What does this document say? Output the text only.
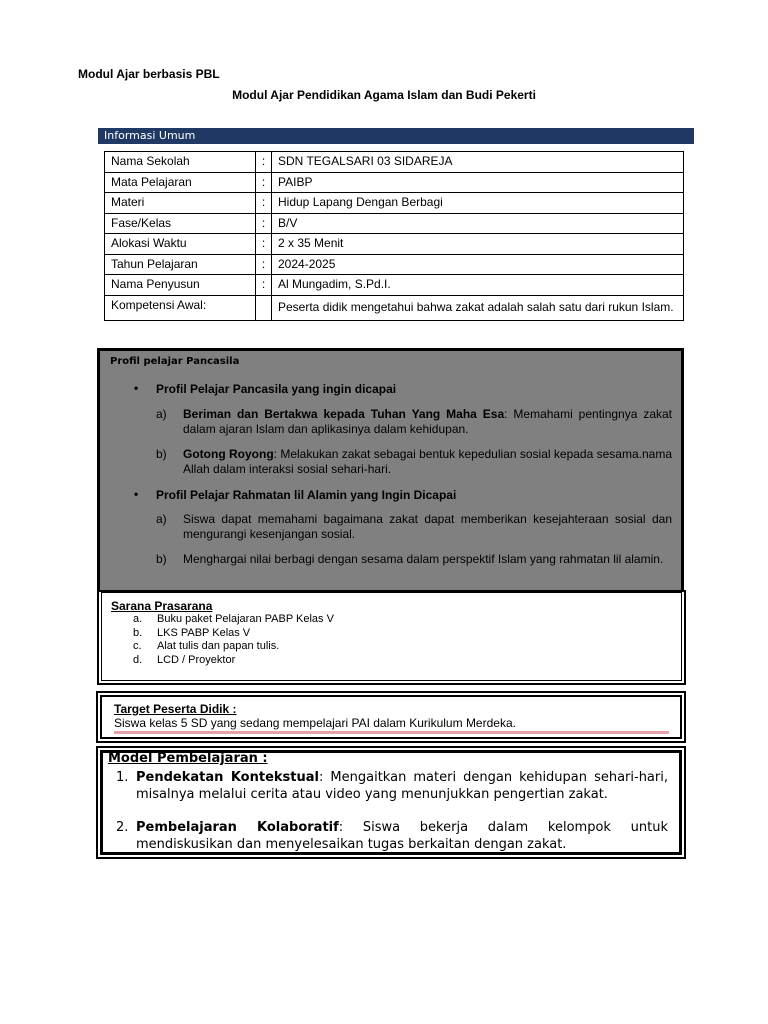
Modul Ajar berbasis PBL
Modul Ajar Pendidikan Agama Islam dan Budi Pekerti
Informasi Umum
Nama Sekolah	:	SDN TEGALSARI 03 SIDAREJA
Mata Pelajaran	:	PAIBP
Materi	:	Hidup Lapang Dengan Berbagi
Fase/Kelas	:	B/V
Alokasi Waktu	:	2 x 35 Menit
Tahun Pelajaran	:	2024-2025
Nama Penyusun	:	Al Mungadim, S.Pd.I.
Kompetensi Awal:		Peserta didik mengetahui bahwa zakat adalah salah satu dari rukun Islam.
Profil pelajar Pancasila
• Profil Pelajar Pancasila yang ingin dicapai
a) Beriman dan Bertakwa kepada Tuhan Yang Maha Esa: Memahami pentingnya zakat dalam ajaran Islam dan aplikasinya dalam kehidupan.
b) Gotong Royong: Melakukan zakat sebagai bentuk kepedulian sosial kepada sesama.nama Allah dalam interaksi sosial sehari-hari.
• Profil Pelajar Rahmatan lil Alamin yang Ingin Dicapai
a) Siswa dapat memahami bagaimana zakat dapat memberikan kesejahteraan sosial dan mengurangi kesenjangan sosial.
b) Menghargai nilai berbagi dengan sesama dalam perspektif Islam yang rahmatan lil alamin.
Sarana Prasarana
a. Buku paket Pelajaran PABP Kelas V
b. LKS PABP Kelas V
c. Alat tulis dan papan tulis.
d. LCD / Proyektor
Target Peserta Didik :
Siswa kelas 5 SD yang sedang mempelajari PAI dalam Kurikulum Merdeka.
Model Pembelajaran :
1. Pendekatan Kontekstual: Mengaitkan materi dengan kehidupan sehari-hari, misalnya melalui cerita atau video yang menunjukkan pengertian zakat.
2. Pembelajaran Kolaboratif: Siswa bekerja dalam kelompok untuk mendiskusikan dan menyelesaikan tugas berkaitan dengan zakat.
